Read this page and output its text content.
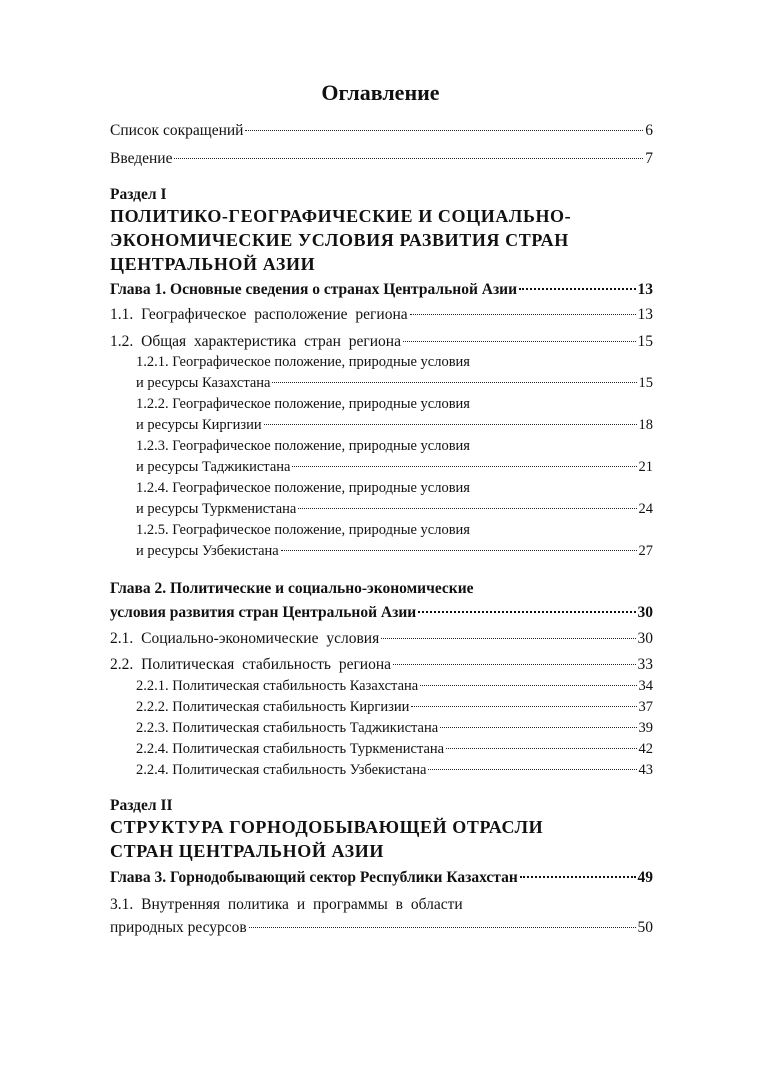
Оглавление
Список сокращений	6
Введение	7
Раздел I
ПОЛИТИКО-ГЕОГРАФИЧЕСКИЕ И СОЦИАЛЬНО-
ЭКОНОМИЧЕСКИЕ УСЛОВИЯ РАЗВИТИЯ СТРАН
ЦЕНТРАЛЬНОЙ АЗИИ
Глава 1. Основные сведения о странах Центральной Азии	13
1.1. Географическое расположение региона	13
1.2. Общая характеристика стран региона	15
1.2.1. Географическое положение, природные условия
и ресурсы Казахстана	15
1.2.2. Географическое положение, природные условия
и ресурсы Киргизии	18
1.2.3. Географическое положение, природные условия
и ресурсы Таджикистана	21
1.2.4. Географическое положение, природные условия
и ресурсы Туркменистана	24
1.2.5. Географическое положение, природные условия
и ресурсы Узбекистана	27
Глава 2. Политические и социально-экономические
условия развития стран Центральной Азии	30
2.1. Социально-экономические условия	30
2.2. Политическая стабильность региона	33
2.2.1. Политическая стабильность Казахстана	34
2.2.2. Политическая стабильность Киргизии	37
2.2.3. Политическая стабильность Таджикистана	39
2.2.4. Политическая стабильность Туркменистана	42
2.2.4. Политическая стабильность Узбекистана	43
Раздел II
СТРУКТУРА ГОРНОДОБЫВАЮЩЕЙ ОТРАСЛИ
СТРАН ЦЕНТРАЛЬНОЙ АЗИИ
Глава 3. Горнодобывающий сектор Республики Казахстан	49
3.1. Внутренняя политика и программы в области
природных ресурсов	50
